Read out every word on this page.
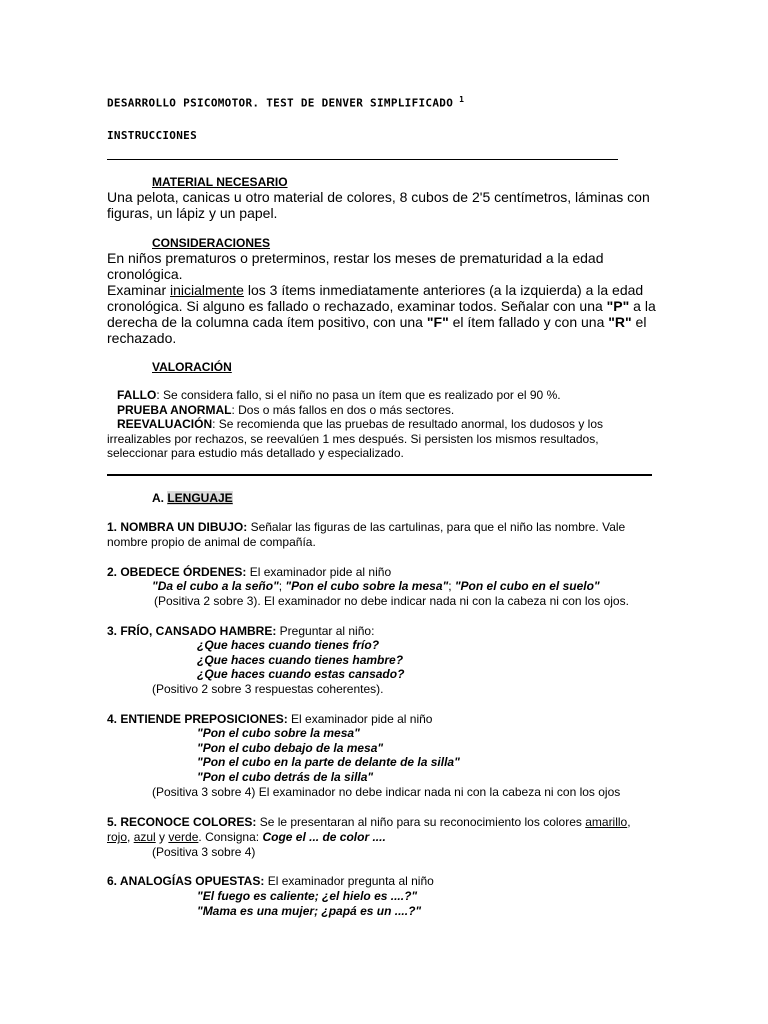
DESARROLLO PSICOMOTOR. TEST DE DENVER SIMPLIFICADO $^1$
INSTRUCCIONES
MATERIAL NECESARIO
Una pelota, canicas u otro material de colores, 8 cubos de 2'5 centímetros, láminas con
figuras, un lápiz y un papel.
CONSIDERACIONES
En niños prematuros o preterminos, restar los meses de prematuridad a la edad
cronológica.
Examinar inicialmente los 3 ítems inmediatamente anteriores (a la izquierda) a la edad
cronológica. Si alguno es fallado o rechazado, examinar todos. Señalar con una "P" a la
derecha de la columna cada ítem positivo, con una "F" el ítem fallado y con una "R" el
rechazado.
VALORACIÓN
FALLO: Se considera fallo, si el niño no pasa un ítem que es realizado por el 90 %.
PRUEBA ANORMAL: Dos o más fallos en dos o más sectores.
REEVALUACIÓN: Se recomienda que las pruebas de resultado anormal, los dudosos y los
irrealizables por rechazos, se reevalúen 1 mes después. Si persisten los mismos resultados,
seleccionar para estudio más detallado y especializado.
A. LENGUAJE
1. NOMBRA UN DIBUJO: Señalar las figuras de las cartulinas, para que el niño las nombre. Vale
nombre propio de animal de compañía.
2. OBEDECE ÓRDENES: El examinador pide al niño
"Da el cubo a la seño"; "Pon el cubo sobre la mesa"; "Pon el cubo en el suelo"
(Positiva 2 sobre 3). El examinador no debe indicar nada ni con la cabeza ni con los ojos.
3. FRÍO, CANSADO HAMBRE: Preguntar al niño:
¿Que haces cuando tienes frío?
¿Que haces cuando tienes hambre?
¿Que haces cuando estas cansado?
(Positivo 2 sobre 3 respuestas coherentes).
4. ENTIENDE PREPOSICIONES: El examinador pide al niño
"Pon el cubo sobre la mesa"
"Pon el cubo debajo de la mesa"
"Pon el cubo en la parte de delante de la silla"
"Pon el cubo detrás de la silla"
(Positiva 3 sobre 4) El examinador no debe indicar nada ni con la cabeza ni con los ojos
5. RECONOCE COLORES: Se le presentaran al niño para su reconocimiento los colores amarillo,
rojo, azul y verde. Consigna: Coge el ... de color ....
(Positiva 3 sobre 4)
6. ANALOGÍAS OPUESTAS: El examinador pregunta al niño
"El fuego es caliente; ¿el hielo es ....?"
"Mama es una mujer; ¿papá es un ....?"
